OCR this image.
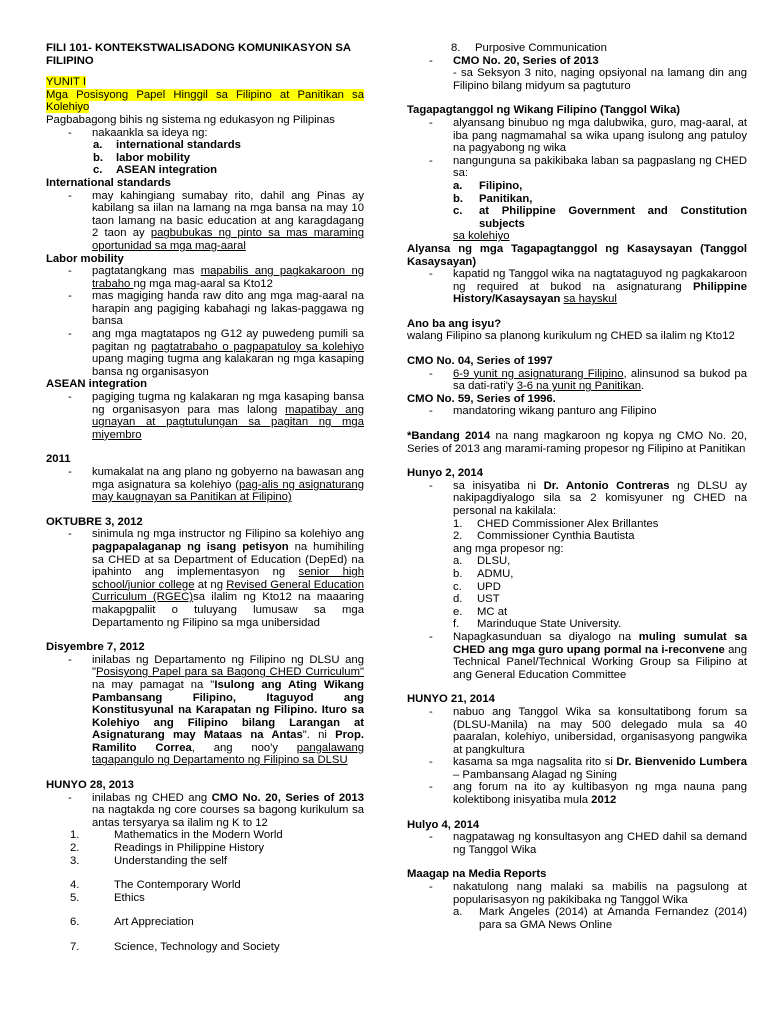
FILI 101- KONTEKSTWALISADONG KOMUNIKASYON SA FILIPINO

YUNIT I

Mga Posisyong Papel Hinggil sa Filipino at Panitikan sa Kolehiyo

Pagbabagong bihis ng sistema ng edukasyon ng Pilipinas

- nakaankla sa ideya ng:
a. international standards
b. labor mobility
c. ASEAN integration

International standards

- may kahingiang sumabay rito, dahil ang Pinas ay kabilang sa iilan na lamang na mga bansa na may 10 taon lamang na basic education at ang karagdagang 2 taon ay pagbubukas ng pinto sa mas maraming oportunidad sa mga mag-aaral

Labor mobility

- pagtatangkang mas mapabilis ang pagkakaroon ng trabaho ng mga mag-aaral sa Kto12
- mas magiging handa raw dito ang mga mag-aaral na harapin ang pagiging kabahagi ng lakas-paggawa ng bansa
- ang mga magtatapos ng G12 ay puwedeng pumili sa pagitan ng pagtatrabaho o pagpapatuloy sa kolehiyo upang maging tugma ang kalakaran ng mga kasaping bansa ng organisasyon

ASEAN integration

- pagiging tugma ng kalakaran ng mga kasaping bansa ng organisasyon para mas lalong mapatibay ang ugnayan at pagtutulungan sa pagitan ng mga miyembro

2011

- kumakalat na ang plano ng gobyerno na bawasan ang mga asignatura sa kolehiyo (pag-alis ng asignaturang may kaugnayan sa Panitikan at Filipino)

OKTUBRE 3, 2012

- sinimula ng mga instructor ng Filipino sa kolehiyo ang pagpapalaganap ng isang petisyon na humihiling sa CHED at sa Department of Education (DepEd) na ipahinto ang implementasyon ng senior high school/junior college at ng Revised General Education Curriculum (RGEC)sa ilalim ng Kto12 na maaaring makapgpaliit o tuluyang lumusaw sa mga Departamento ng Filipino sa mga unibersidad

Disyembre 7, 2012

- inilabas ng Departamento ng Filipino ng DLSU ang "Posisyong Papel para sa Bagong CHED Curriculum" na may pamagat na "Isulong ang Ating Wikang Pambansang Filipino, Itaguyod ang Konstitusyunal na Karapatan ng Filipino. Ituro sa Kolehiyo ang Filipino bilang Larangan at Asignaturang may Mataas na Antas". ni Prop. Ramilito Correa, ang noo'y pangalawang tagapangulo ng Departamento ng Filipino sa DLSU

HUNYO 28, 2013

- inilabas ng CHED ang CMO No. 20, Series of 2013 na nagtakda ng core courses sa bagong kurikulum sa antas tersyarya sa ilalim ng K to 12
1.	Mathematics in the Modern World
2.	Readings in Philippine History
3.	Understanding the self
4.	The Contemporary World
5.	Ethics
6.	Art Appreciation
7.	Science, Technology and Society
8. Purposive Communication
- CMO No. 20, Series of 2013
- sa Seksyon 3 nito, naging opsiyonal na lamang din ang Filipino bilang midyum sa pagtuturo

Tagapagtanggol ng Wikang Filipino (Tanggol Wika)

- alyansang binubuo ng mga dalubwika, guro, mag-aaral, at iba pang nagmamahal sa wika upang isulong ang patuloy na pagyabong ng wika
- nangunguna sa pakikibaka laban sa pagpaslang ng CHED sa:
a. Filipino,
b. Panitikan,
c. at Philippine Government and Constitution subjects
sa kolehiyo

Alyansa ng mga Tagapagtanggol ng Kasaysayan (Tanggol Kasaysayan)

- kapatid ng Tanggol wika na nagtataguyod ng pagkakaroon ng required at bukod na asignaturang Philippine History/Kasaysayan sa hayskul

Ano ba ang isyu?

walang Filipino sa planong kurikulum ng CHED sa ilalim ng Kto12

CMO No. 04, Series of 1997

- 6-9 yunit ng asignaturang Filipino, alinsunod sa bukod pa sa dati-rati'y 3-6 na yunit ng Panitikan.

CMO No. 59, Series of 1996.

- mandatoring wikang panturo ang Filipino

*Bandang 2014 na nang magkaroon ng kopya ng CMO No. 20, Series of 2013 ang marami-raming propesor ng Filipino at Panitikan

Hunyo 2, 2014

- sa inisyatiba ni Dr. Antonio Contreras ng DLSU ay nakipagdiyalogo sila sa 2 komisyuner ng CHED na personal na kakilala:
1. CHED Commissioner Alex Brillantes
2. Commissioner Cynthia Bautista
ang mga propesor ng:
a. DLSU,
b. ADMU,
c. UPD
d. UST
e. MC at
f. Marinduque State University.
- Napagkasunduan sa diyalogo na muling sumulat sa CHED ang mga guro upang pormal na i-reconvene ang Technical Panel/Technical Working Group sa Filipino at ang General Education Committee

HUNYO 21, 2014

- nabuo ang Tanggol Wika sa konsultatibong forum sa (DLSU-Manila) na may 500 delegado mula sa 40 paaralan, kolehiyo, unibersidad, organisasyong pangwika at pangkultura
- kasama sa mga nagsalita rito si Dr. Bienvenido Lumbera – Pambansang Alagad ng Sining
- ang forum na ito ay kultibasyon ng mga nauna pang kolektibong inisyatiba mula 2012

Hulyo 4, 2014

- nagpatawag ng konsultasyon ang CHED dahil sa demand ng Tanggol Wika

Maagap na Media Reports

- nakatulong nang malaki sa mabilis na pagsulong at popularisasyon ng pakikibaka ng Tanggol Wika
a. Mark Angeles (2014) at Amanda Fernandez (2014) para sa GMA News Online
